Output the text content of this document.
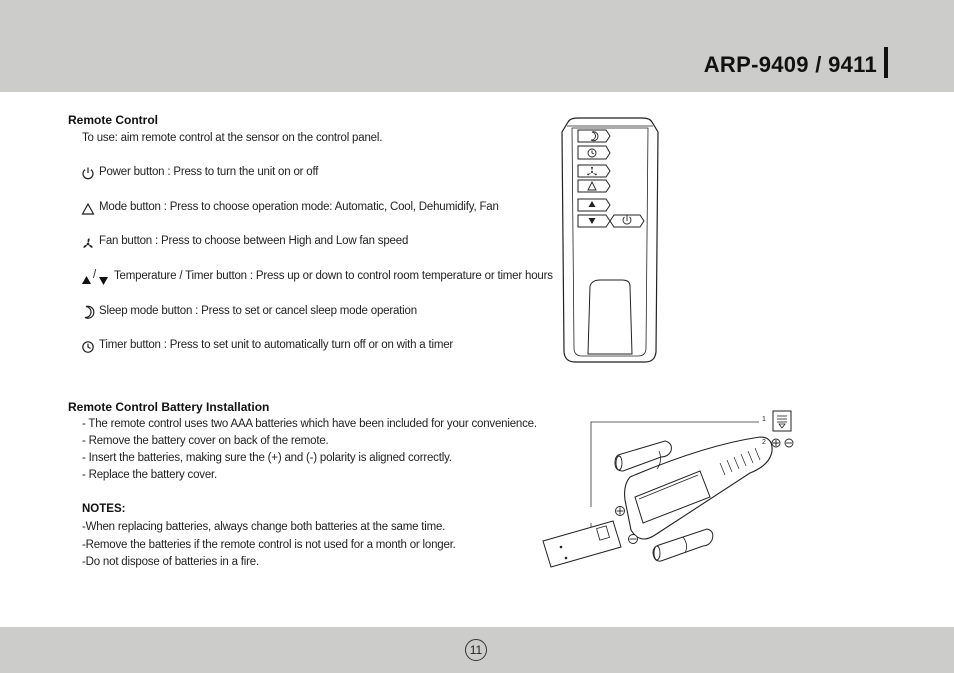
ARP-9409 / 9411
Remote Control
To use: aim remote control at the sensor on the control panel.
Power button : Press to turn the unit on or off
Mode button : Press to choose operation mode: Automatic, Cool, Dehumidify, Fan
Fan button : Press to choose between High and Low fan speed
/ Temperature / Timer button : Press up or down to control room temperature or timer hours
Sleep mode button : Press to set or cancel sleep mode operation
Timer button : Press to set unit to automatically turn off or on with a timer
Remote Control Battery Installation
- The remote control uses two AAA batteries which have been included for your convenience.
- Remove the battery cover on back of the remote.
- Insert the batteries, making sure the (+) and (-) polarity is aligned correctly.
- Replace the battery cover.
NOTES:
-When replacing batteries, always change both batteries at the same time.
-Remove the batteries if the remote control is not used for a month or longer.
-Do not dispose of batteries in a fire.
1
2
11
